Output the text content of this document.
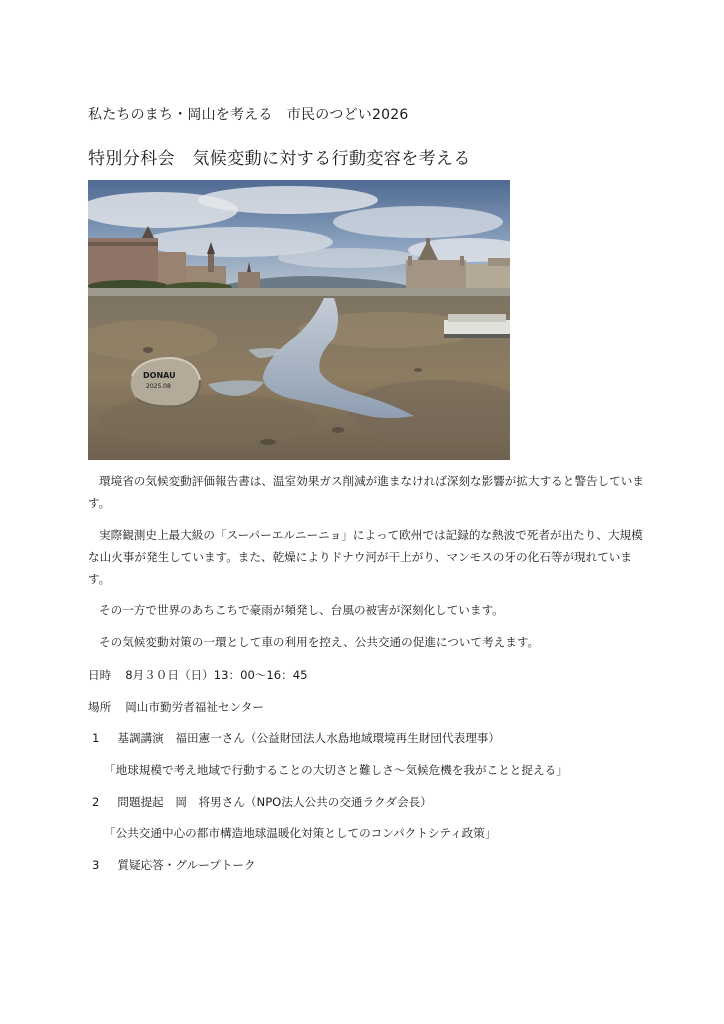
私たちのまち・岡山を考える　市民のつどい2026
特別分科会　気候変動に対する行動変容を考える
DONAU
2025.08

環境省の気候変動評価報告書は、温室効果ガス削減が進まなければ深刻な影響が拡大すると警告しています。

実際観測史上最大級の「スーパーエルニーニョ」によって欧州では記録的な熱波で死者が出たり、大規模な山火事が発生しています。また、乾燥によりドナウ河が干上がり、マンモスの牙の化石等が現れています。

その一方で世界のあちこちで豪雨が頻発し、台風の被害が深刻化しています。

その気候変動対策の一環として車の利用を控え、公共交通の促進について考えます。

日時 8月３０日（日）13：00〜16：45
場所 岡山市勤労者福祉センター
1 基調講演　福田憲一さん（公益財団法人水島地域環境再生財団代表理事）
「地球規模で考え地域で行動することの大切さと難しさ〜気候危機を我がことと捉える」
2 問題提起　岡　将男さん（NPO法人公共の交通ラクダ会長）
「公共交通中心の都市構造地球温暖化対策としてのコンパクトシティ政策」
3 質疑応答・グループトーク
